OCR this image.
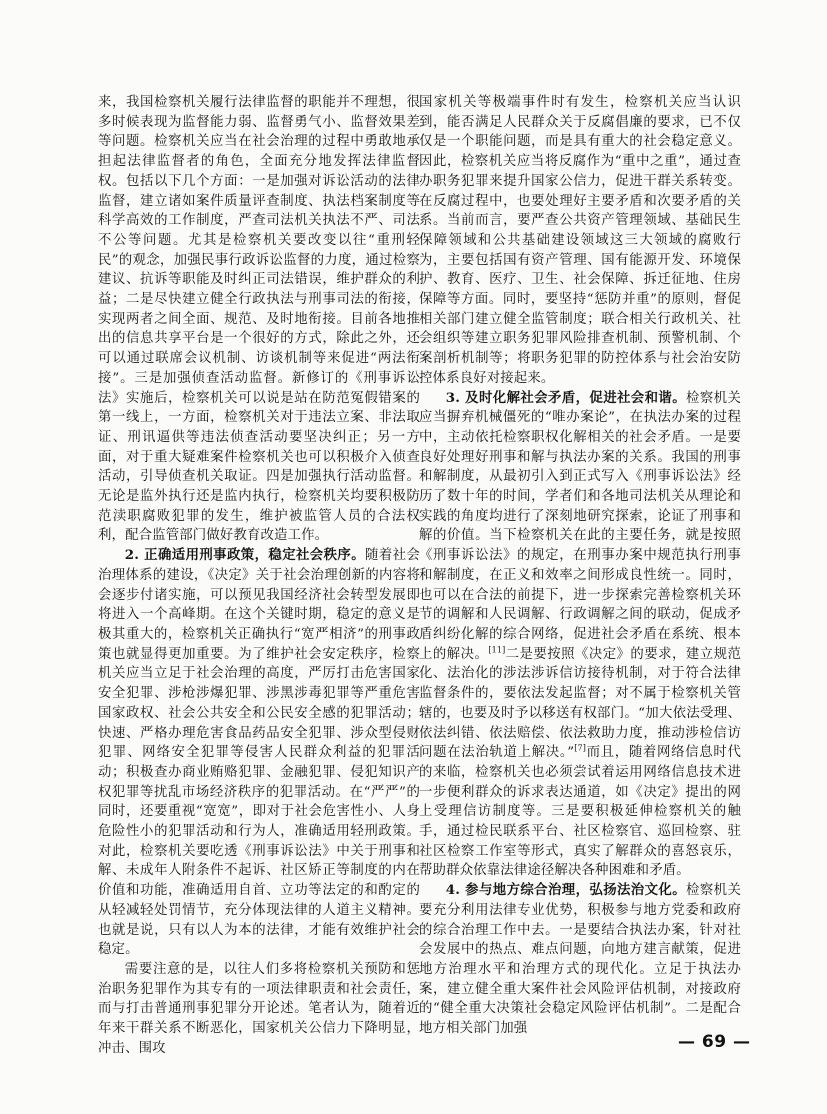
来，我国检察机关履行法律监督的职能并不理想，很多时候表现为监督能力弱、监督勇气小、监督效果差等问题。检察机关应当在社会治理的过程中勇敢地承担起法律监督者的角色，全面充分地发挥法律监督权。包括以下几个方面：一是加强对诉讼活动的法律监督，建立诸如案件质量评查制度、执法档案制度等科学高效的工作制度，严查司法机关执法不严、司法不公等问题。尤其是检察机关要改变以往“重刑轻民”的观念，加强民事行政诉讼监督的力度，通过检察建议、抗诉等职能及时纠正司法错误，维护群众的利益；二是尽快建立健全行政执法与刑事司法的衔接，实现两者之间全面、规范、及时地衔接。目前各地推出的信息共享平台是一个很好的方式，除此之外，还可以通过联席会议机制、访谈机制等来促进“两法衔接”。三是加强侦查活动监督。新修订的《刑事诉讼法》实施后，检察机关可以说是站在防范冤假错案的第一线上，一方面，检察机关对于违法立案、非法取证、刑讯逼供等违法侦查活动要坚决纠正；另一方面，对于重大疑难案件检察机关也可以积极介入侦查活动，引导侦查机关取证。四是加强执行活动监督。无论是监外执行还是监内执行，检察机关均要积极防范渎职腐败犯罪的发生，维护被监管人员的合法权利，配合监管部门做好教育改造工作。

2. 正确适用刑事政策，稳定社会秩序。随着社会治理体系的建设，《决定》关于社会治理创新的内容将会逐步付诸实施，可以预见我国经济社会转型发展即将进入一个高峰期。在这个关键时期，稳定的意义是极其重大的，检察机关正确执行“宽严相济”的刑事政策也就显得更加重要。为了维护社会安定秩序，检察机关应当立足于社会治理的高度，严厉打击危害国家安全犯罪、涉枪涉爆犯罪、涉黑涉毒犯罪等严重危害国家政权、社会公共安全和公民安全感的犯罪活动；快速、严格办理危害食品药品安全犯罪、涉众型侵财犯罪、网络安全犯罪等侵害人民群众利益的犯罪活动；积极查办商业贿赂犯罪、金融犯罪、侵犯知识产权犯罪等扰乱市场经济秩序的犯罪活动。在“严严”的同时，还要重视“宽宽”，即对于社会危害性小、人身危险性小的犯罪活动和行为人，准确适用轻刑政策。对此，检察机关要吃透《刑事诉讼法》中关于刑事和解、未成年人附条件不起诉、社区矫正等制度的内在价值和功能，准确适用自首、立功等法定的和酌定的从轻减轻处罚情节，充分体现法律的人道主义精神。也就是说，只有以人为本的法律，才能有效维护社会稳定。

需要注意的是，以往人们多将检察机关预防和惩治职务犯罪作为其专有的一项法律职责和社会责任，而与打击普通刑事犯罪分开论述。笔者认为，随着近年来干群关系不断恶化，国家机关公信力下降明显，冲击、围攻

国家机关等极端事件时有发生，检察机关应当认识到，能否满足人民群众关于反腐倡廉的要求，已不仅仅是一个职能问题，而是具有重大的社会稳定意义。因此，检察机关应当将反腐作为“重中之重”，通过查办职务犯罪来提升国家公信力，促进干群关系转变。在反腐过程中，也要处理好主要矛盾和次要矛盾的关系。当前而言，要严查公共资产管理领域、基础民生保障领域和公共基础建设领域这三大领域的腐败行为，主要包括国有资产管理、国有能源开发、环境保护、教育、医疗、卫生、社会保障、拆迁征地、住房保障等方面。同时，要坚持“惩防并重”的原则，督促相关部门建立健全监管制度；联合相关行政机关、社会组织等建立职务犯罪风险排查机制、预警机制、个案剖析机制等；将职务犯罪的防控体系与社会治安防控体系良好对接起来。

3. 及时化解社会矛盾，促进社会和谐。检察机关应当摒弃机械僵死的“唯办案论”，在执法办案的过程中，主动依托检察职权化解相关的社会矛盾。一是要良好处理好刑事和解与执法办案的关系。我国的刑事和解制度，从最初引入到正式写入《刑事诉讼法》经历了数十年的时间，学者们和各地司法机关从理论和实践的角度均进行了深刻地研究探索，论证了刑事和解的价值。当下检察机关在此的主要任务，就是按照《刑事诉讼法》的规定，在刑事办案中规范执行刑事和解制度，在正义和效率之间形成良性统一。同时，也可以在合法的前提下，进一步探索完善检察机关环节的调解和人民调解、行政调解之间的联动，促成矛盾纠纷化解的综合网络，促进社会矛盾在系统、根本上的解决。[11]二是要按照《决定》的要求，建立规范化、法治化的涉法涉诉信访接待机制，对于符合法律监督条件的，要依法发起监督；对不属于检察机关管辖的，也要及时予以移送有权部门。“加大依法受理、依法纠错、依法赔偿、依法救助力度，推动涉检信访问题在法治轨道上解决。”[7]而且，随着网络信息时代的来临，检察机关也必须尝试着运用网络信息技术进一步便利群众的诉求表达通道，如《决定》提出的网上受理信访制度等。三是要积极延伸检察机关的触手，通过检民联系平台、社区检察官、巡回检察、驻社区检察工作室等形式，真实了解群众的喜怒哀乐，帮助群众依靠法律途径解决各种困难和矛盾。

4. 参与地方综合治理，弘扬法治文化。检察机关要充分利用法律专业优势，积极参与地方党委和政府的综合治理工作中去。一是要结合执法办案，针对社会发展中的热点、难点问题，向地方建言献策，促进地方治理水平和治理方式的现代化。立足于执法办案，建立健全重大案件社会风险评估机制，对接政府的“健全重大决策社会稳定风险评估机制”。二是配合地方相关部门加强

— 69 —
